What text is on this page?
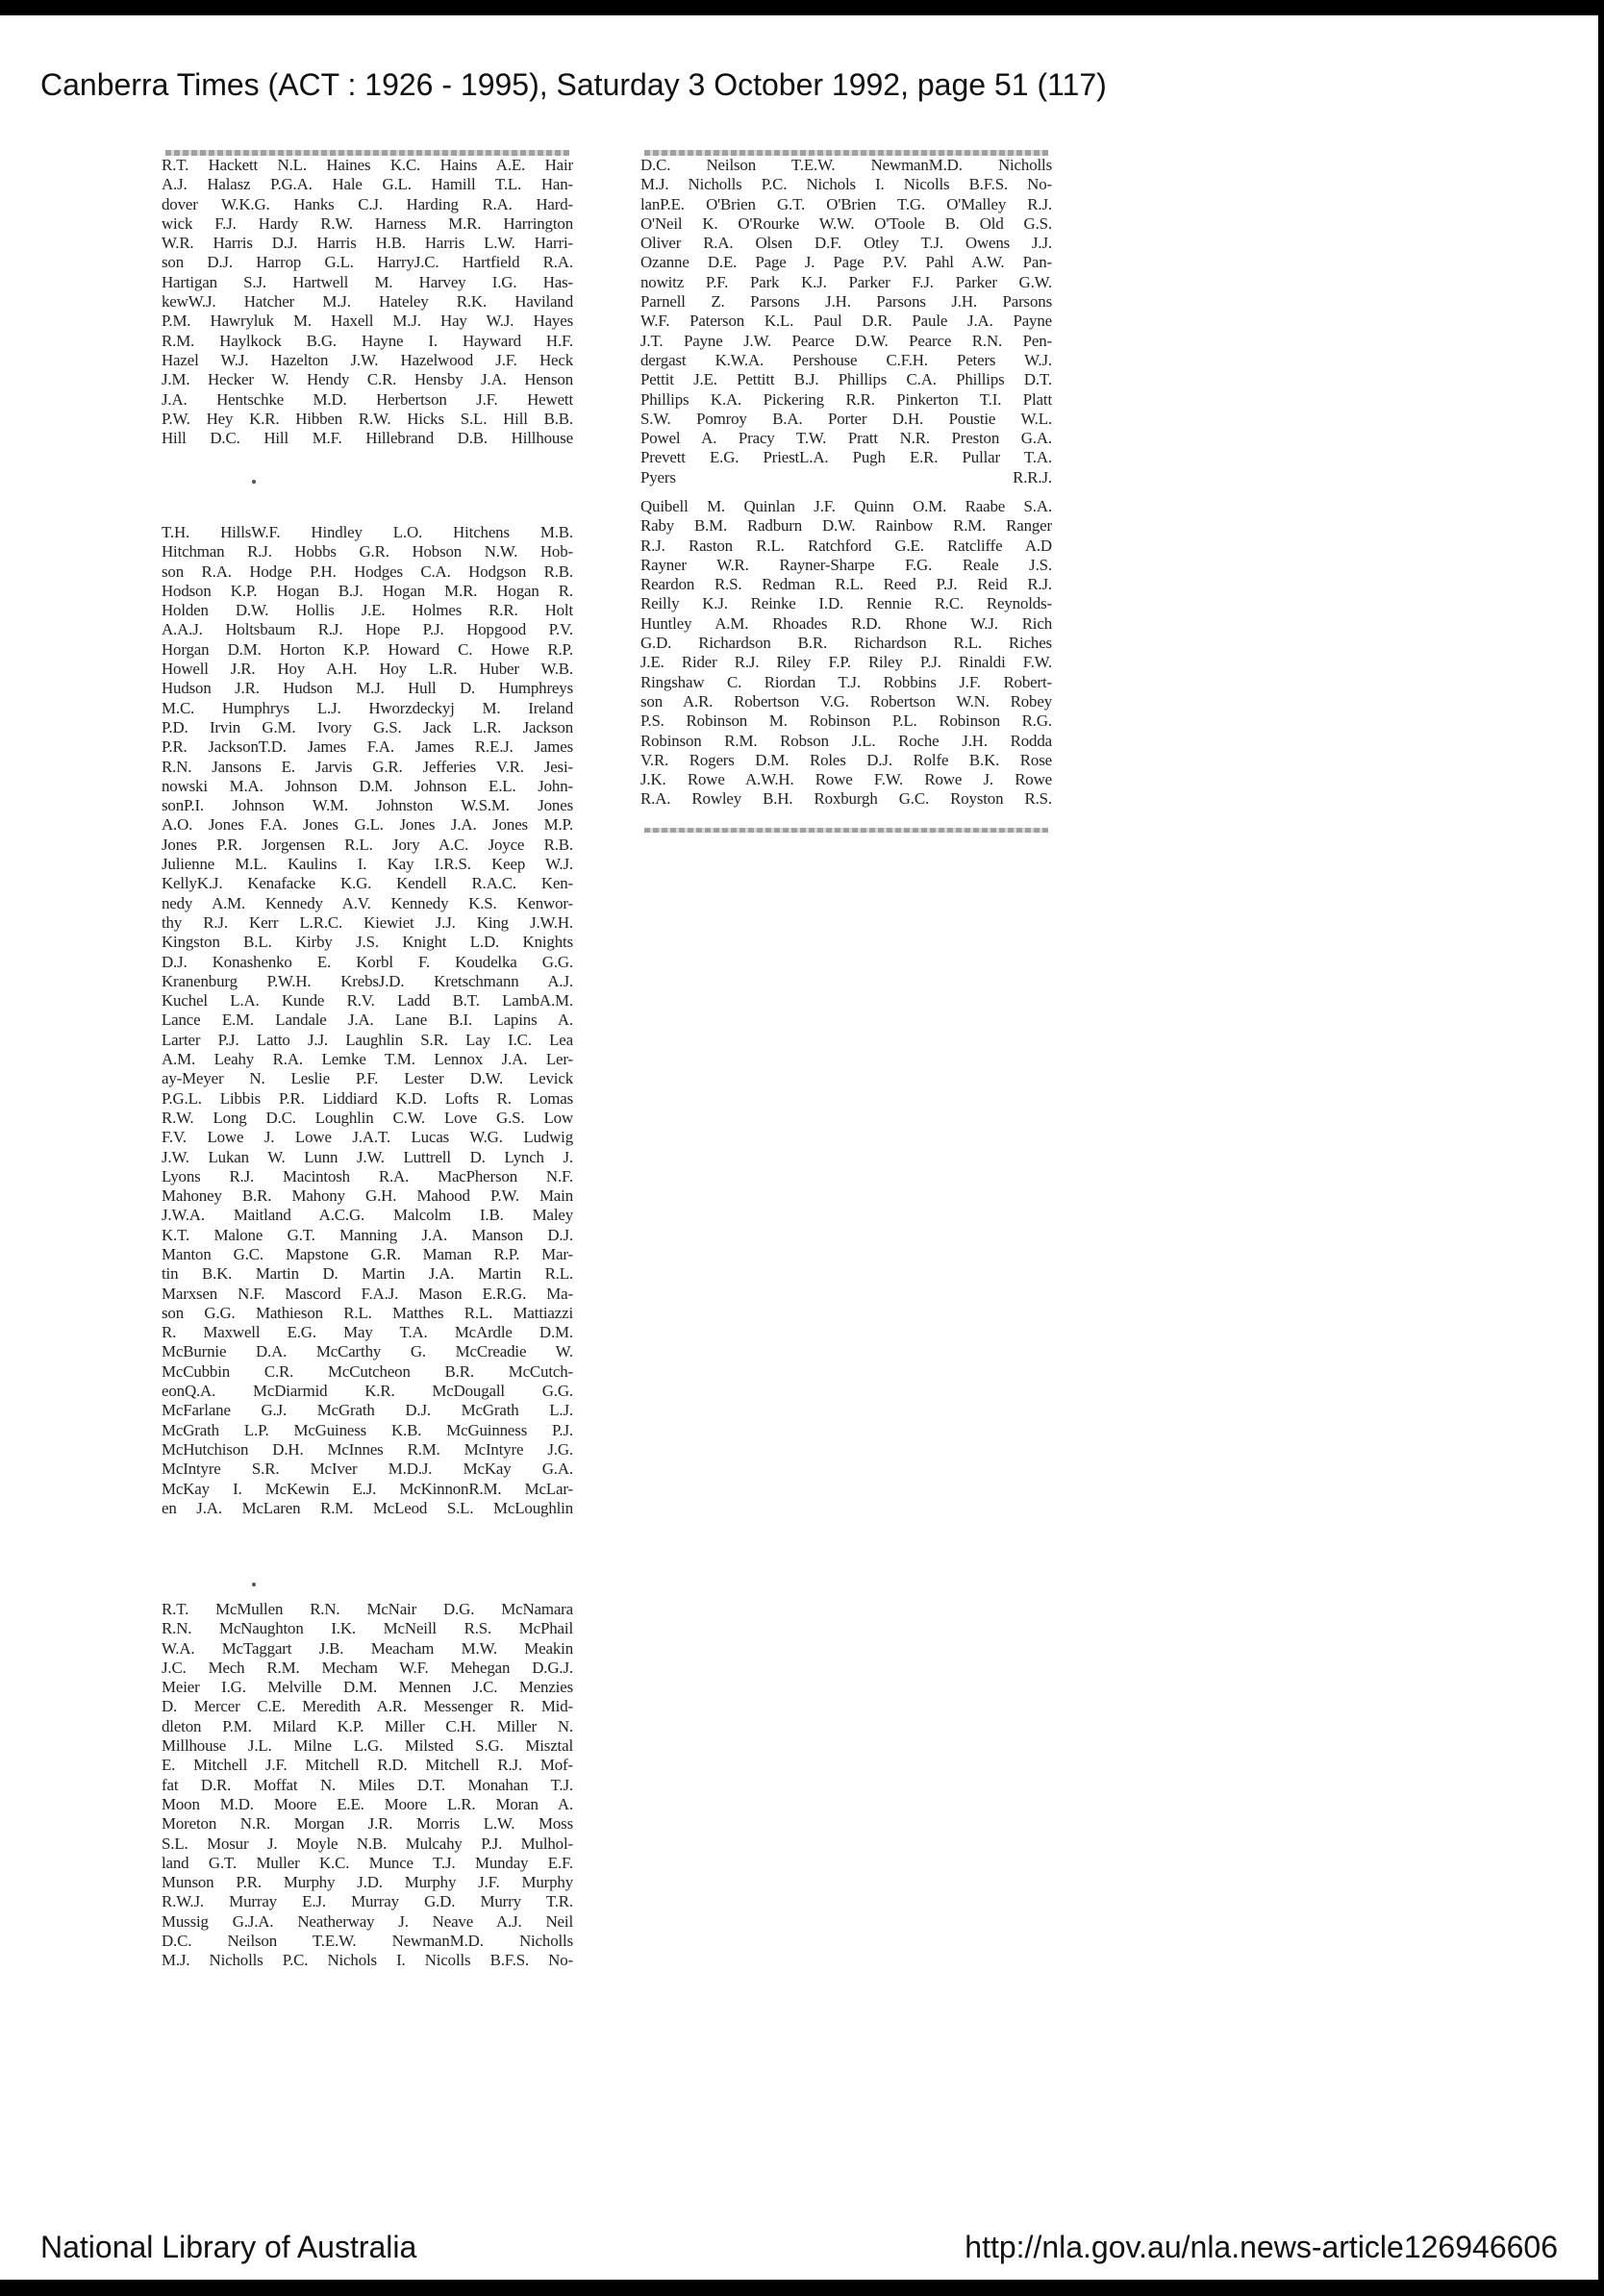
Canberra Times (ACT : 1926 - 1995), Saturday 3 October 1992, page 51 (117)
R.T. Hackett N.L. Haines K.C. Hains A.E. Hair
A.J. Halasz P.G.A. Hale G.L. Hamill T.L. Han-
dover W.K.G. Hanks C.J. Harding R.A. Hard-
wick F.J. Hardy R.W. Harness M.R. Harrington
W.R. Harris D.J. Harris H.B. Harris L.W. Harri-
son D.J. Harrop G.L. HarryJ.C. Hartfield R.A.
Hartigan S.J. Hartwell M. Harvey I.G. Has-
kewW.J. Hatcher M.J. Hateley R.K. Haviland
P.M. Hawryluk M. Haxell M.J. Hay W.J. Hayes
R.M. Haylkock B.G. Hayne I. Hayward H.F.
Hazel W.J. Hazelton J.W. Hazelwood J.F. Heck
J.M. Hecker W. Hendy C.R. Hensby J.A. Henson
J.A. Hentschke M.D. Herbertson J.F. Hewett
P.W. Hey K.R. Hibben R.W. Hicks S.L. Hill B.B.
Hill D.C. Hill M.F. Hillebrand D.B. Hillhouse
T.H. HillsW.F. Hindley L.O. Hitchens M.B.
Hitchman R.J. Hobbs G.R. Hobson N.W. Hob-
son R.A. Hodge P.H. Hodges C.A. Hodgson R.B.
Hodson K.P. Hogan B.J. Hogan M.R. Hogan R.
Holden D.W. Hollis J.E. Holmes R.R. Holt
A.A.J. Holtsbaum R.J. Hope P.J. Hopgood P.V.
Horgan D.M. Horton K.P. Howard C. Howe R.P.
Howell J.R. Hoy A.H. Hoy L.R. Huber W.B.
Hudson J.R. Hudson M.J. Hull D. Humphreys
M.C. Humphrys L.J. Hworzdeckyj M. Ireland
P.D. Irvin G.M. Ivory G.S. Jack L.R. Jackson
P.R. JacksonT.D. James F.A. James R.E.J. James
R.N. Jansons E. Jarvis G.R. Jefferies V.R. Jesi-
nowski M.A. Johnson D.M. Johnson E.L. John-
sonP.I. Johnson W.M. Johnston W.S.M. Jones
A.O. Jones F.A. Jones G.L. Jones J.A. Jones M.P.
Jones P.R. Jorgensen R.L. Jory A.C. Joyce R.B.
Julienne M.L. Kaulins I. Kay I.R.S. Keep W.J.
KellyK.J. Kenafacke K.G. Kendell R.A.C. Ken-
nedy A.M. Kennedy A.V. Kennedy K.S. Kenwor-
thy R.J. Kerr L.R.C. Kiewiet J.J. King J.W.H.
Kingston B.L. Kirby J.S. Knight L.D. Knights
D.J. Konashenko E. Korbl F. Koudelka G.G.
Kranenburg P.W.H. KrebsJ.D. Kretschmann A.J.
Kuchel L.A. Kunde R.V. Ladd B.T. LambA.M.
Lance E.M. Landale J.A. Lane B.I. Lapins A.
Larter P.J. Latto J.J. Laughlin S.R. Lay I.C. Lea
A.M. Leahy R.A. Lemke T.M. Lennox J.A. Ler-
ay-Meyer N. Leslie P.F. Lester D.W. Levick
P.G.L. Libbis P.R. Liddiard K.D. Lofts R. Lomas
R.W. Long D.C. Loughlin C.W. Love G.S. Low
F.V. Lowe J. Lowe J.A.T. Lucas W.G. Ludwig
J.W. Lukan W. Lunn J.W. Luttrell D. Lynch J.
Lyons R.J. Macintosh R.A. MacPherson N.F.
Mahoney B.R. Mahony G.H. Mahood P.W. Main
J.W.A. Maitland A.C.G. Malcolm I.B. Maley
K.T. Malone G.T. Manning J.A. Manson D.J.
Manton G.C. Mapstone G.R. Maman R.P. Mar-
tin B.K. Martin D. Martin J.A. Martin R.L.
Marxsen N.F. Mascord F.A.J. Mason E.R.G. Ma-
son G.G. Mathieson R.L. Matthes R.L. Mattiazzi
R. Maxwell E.G. May T.A. McArdle D.M.
McBurnie D.A. McCarthy G. McCreadie W.
McCubbin C.R. McCutcheon B.R. McCutch-
eonQ.A. McDiarmid K.R. McDougall G.G.
McFarlane G.J. McGrath D.J. McGrath L.J.
McGrath L.P. McGuiness K.B. McGuinness P.J.
McHutchison D.H. McInnes R.M. McIntyre J.G.
McIntyre S.R. McIver M.D.J. McKay G.A.
McKay I. McKewin E.J. McKinnonR.M. McLar-
en J.A. McLaren R.M. McLeod S.L. McLoughlin
R.T. McMullen R.N. McNair D.G. McNamara
R.N. McNaughton I.K. McNeill R.S. McPhail
W.A. McTaggart J.B. Meacham M.W. Meakin
J.C. Mech R.M. Mecham W.F. Mehegan D.G.J.
Meier I.G. Melville D.M. Mennen J.C. Menzies
D. Mercer C.E. Meredith A.R. Messenger R. Mid-
dleton P.M. Milard K.P. Miller C.H. Miller N.
Millhouse J.L. Milne L.G. Milsted S.G. Misztal
E. Mitchell J.F. Mitchell R.D. Mitchell R.J. Mof-
fat D.R. Moffat N. Miles D.T. Monahan T.J.
Moon M.D. Moore E.E. Moore L.R. Moran A.
Moreton N.R. Morgan J.R. Morris L.W. Moss
S.L. Mosur J. Moyle N.B. Mulcahy P.J. Mulhol-
land G.T. Muller K.C. Munce T.J. Munday E.F.
Munson P.R. Murphy J.D. Murphy J.F. Murphy
R.W.J. Murray E.J. Murray G.D. Murry T.R.
Mussig G.J.A. Neatherway J. Neave A.J. Neil
D.C. Neilson T.E.W. NewmanM.D. Nicholls
M.J. Nicholls P.C. Nichols I. Nicolls B.F.S. No-
D.C. Neilson T.E.W. NewmanM.D. Nicholls
M.J. Nicholls P.C. Nichols I. Nicolls B.F.S. No-
lanP.E. O'Brien G.T. O'Brien T.G. O'Malley R.J.
O'Neil K. O'Rourke W.W. O'Toole B. Old G.S.
Oliver R.A. Olsen D.F. Otley T.J. Owens J.J.
Ozanne D.E. Page J. Page P.V. Pahl A.W. Pan-
nowitz P.F. Park K.J. Parker F.J. Parker G.W.
Parnell Z. Parsons J.H. Parsons J.H. Parsons
W.F. Paterson K.L. Paul D.R. Paule J.A. Payne
J.T. Payne J.W. Pearce D.W. Pearce R.N. Pen-
dergast K.W.A. Pershouse C.F.H. Peters W.J.
Pettit J.E. Pettitt B.J. Phillips C.A. Phillips D.T.
Phillips K.A. Pickering R.R. Pinkerton T.I. Platt
S.W. Pomroy B.A. Porter D.H. Poustie W.L.
Powel A. Pracy T.W. Pratt N.R. Preston G.A.
Prevett E.G. PriestL.A. Pugh E.R. Pullar T.A.
Pyers R.R.J.
Quibell M. Quinlan J.F. Quinn O.M. Raabe S.A.
Raby B.M. Radburn D.W. Rainbow R.M. Ranger
R.J. Raston R.L. Ratchford G.E. Ratcliffe A.D
Rayner W.R. Rayner-Sharpe F.G. Reale J.S.
Reardon R.S. Redman R.L. Reed P.J. Reid R.J.
Reilly K.J. Reinke I.D. Rennie R.C. Reynolds-
Huntley A.M. Rhoades R.D. Rhone W.J. Rich
G.D. Richardson B.R. Richardson R.L. Riches
J.E. Rider R.J. Riley F.P. Riley P.J. Rinaldi F.W.
Ringshaw C. Riordan T.J. Robbins J.F. Robert-
son A.R. Robertson V.G. Robertson W.N. Robey
P.S. Robinson M. Robinson P.L. Robinson R.G.
Robinson R.M. Robson J.L. Roche J.H. Rodda
V.R. Rogers D.M. Roles D.J. Rolfe B.K. Rose
J.K. Rowe A.W.H. Rowe F.W. Rowe J. Rowe
R.A. Rowley B.H. Roxburgh G.C. Royston R.S.
National Library of Australia	http://nla.gov.au/nla.news-article126946606
